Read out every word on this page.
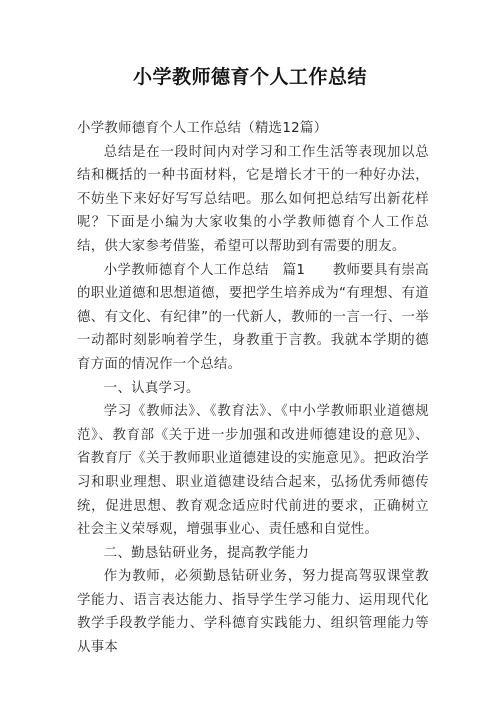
小学教师德育个人工作总结

小学教师德育个人工作总结（精选12篇）

总结是在一段时间内对学习和工作生活等表现加以总结和概括的一种书面材料，它是增长才干的一种好办法，不妨坐下来好好写写总结吧。那么如何把总结写出新花样呢？下面是小编为大家收集的小学教师德育个人工作总结，供大家参考借鉴，希望可以帮助到有需要的朋友。

小学教师德育个人工作总结　篇1　　教师要具有崇高的职业道德和思想道德，要把学生培养成为“有理想、有道德、有文化、有纪律”的一代新人，教师的一言一行、一举一动都时刻影响着学生，身教重于言教。我就本学期的德育方面的情况作一个总结。

一、认真学习。

学习《教师法》、《教育法》、《中小学教师职业道德规范》、教育部《关于进一步加强和改进师德建设的意见》、省教育厅《关于教师职业道德建设的实施意见》。把政治学习和职业理想、职业道德建设结合起来，弘扬优秀师德传统，促进思想、教育观念适应时代前进的要求，正确树立社会主义荣辱观，增强事业心、责任感和自觉性。

二、勤恳钻研业务，提高教学能力

作为教师，必须勤恳钻研业务，努力提高驾驭课堂教学能力、语言表达能力、指导学生学习能力、运用现代化教学手段教学能力、学科德育实践能力、组织管理能力等从事本
